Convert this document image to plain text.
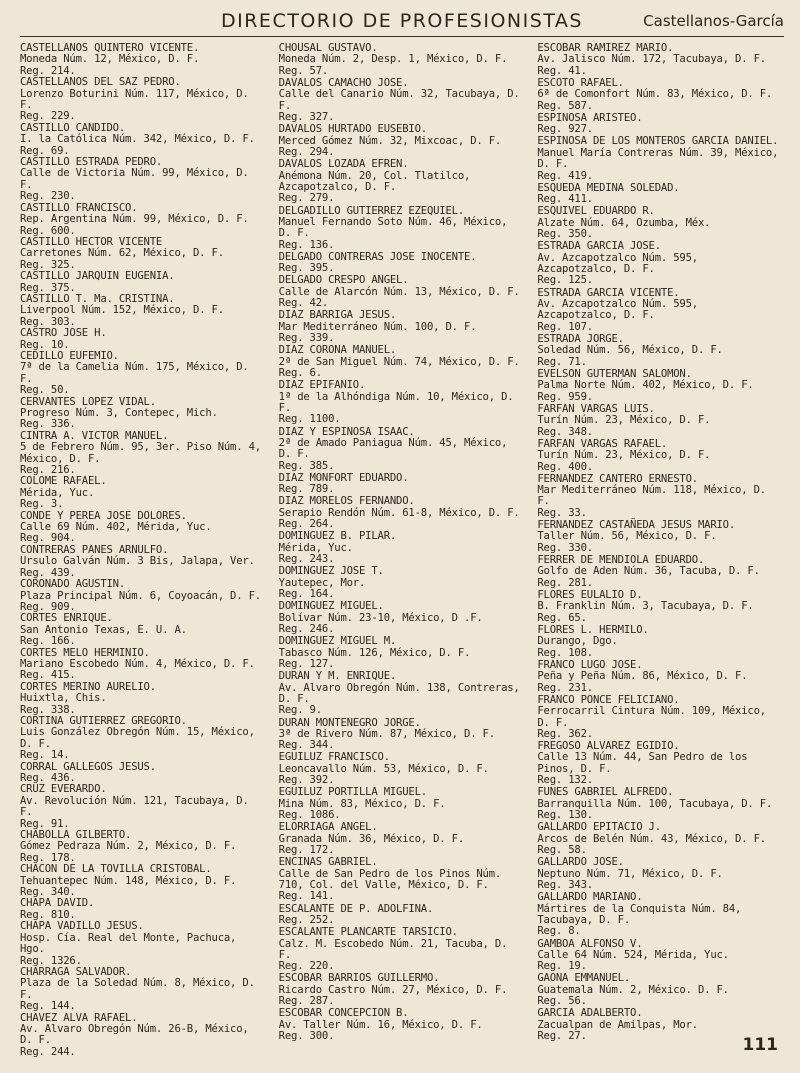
DIRECTORIO DE PROFESIONISTAS	Castellanos-García
CASTELLANOS QUINTERO VICENTE.
Moneda Núm. 12, México, D. F.
Reg. 214.
CASTELLANOS DEL SAZ PEDRO.
Lorenzo Boturini Núm. 117, México, D. F.
Reg. 229.
CASTILLO CANDIDO.
I. la Católica Núm. 342, México, D. F.
Reg. 69.
CASTILLO ESTRADA PEDRO.
Calle de Victoria Núm. 99, México, D. F.
Reg. 230.
CASTILLO FRANCISCO.
Rep. Argentina Núm. 99, México, D. F.
Reg. 600.
CASTILLO HECTOR VICENTE
Carretones Núm. 62, México, D. F.
Reg. 325.
CASTILLO JARQUIN EUGENIA.
Reg. 375.
CASTILLO T. Ma. CRISTINA.
Liverpool Núm. 152, México, D. F.
Reg. 303.
CASTRO JOSE H.
Reg. 10.
CEDILLO EUFEMIO.
7ª de la Camelia Núm. 175, México, D. F.
Reg. 50.
CERVANTES LOPEZ VIDAL.
Progreso Núm. 3, Contepec, Mich.
Reg. 336.
CINTRA A. VICTOR MANUEL.
5 de Febrero Núm. 95, 3er. Piso Núm. 4, México, D. F.
Reg. 216.
COLOME RAFAEL.
Mérida, Yuc.
Reg. 3.
CONDE Y PEREA JOSE DOLORES.
Calle 69 Núm. 402, Mérida, Yuc.
Reg. 904.
CONTRERAS PANES ARNULFO.
Ursulo Galván Núm. 3 Bis, Jalapa, Ver.
Reg. 439.
CORONADO AGUSTIN.
Plaza Principal Núm. 6, Coyoacán, D. F.
Reg. 909.
CORTES ENRIQUE.
San Antonio Texas, E. U. A.
Reg. 166.
CORTES MELO HERMINIO.
Mariano Escobedo Núm. 4, México, D. F.
Reg. 415.
CORTES MERINO AURELIO.
Huixtla, Chis.
Reg. 338.
CORTINA GUTIERREZ GREGORIO.
Luis González Obregón Núm. 15, México, D. F.
Reg. 14.
CORRAL GALLEGOS JESUS.
Reg. 436.
CRUZ EVERARDO.
Av. Revolución Núm. 121, Tacubaya, D. F.
Reg. 91.
CHABOLLA GILBERTO.
Gómez Pedraza Núm. 2, México, D. F.
Reg. 178.
CHACON DE LA TOVILLA CRISTOBAL.
Tehuantepec Núm. 148, México, D. F.
Reg. 340.
CHAPA DAVID.
Reg. 810.
CHAPA VADILLO JESUS.
Hosp. Cía. Real del Monte, Pachuca, Hgo.
Reg. 1326.
CHARRAGA SALVADOR.
Plaza de la Soledad Núm. 8, México, D. F.
Reg. 144.
CHAVEZ ALVA RAFAEL.
Av. Alvaro Obregón Núm. 26-B, México, D. F.
Reg. 244.
CHOUSAL GUSTAVO.
Moneda Núm. 2, Desp. 1, México, D. F.
Reg. 57.
DAVALOS CAMACHO JOSE.
Calle del Canario Núm. 32, Tacubaya, D. F.
Reg. 327.
DAVALOS HURTADO EUSEBIO.
Merced Gómez Núm. 32, Mixcoac, D. F.
Reg. 294.
DAVALOS LOZADA EFREN.
Anémona Núm. 20, Col. Tlatilco, Azcapotzalco, D. F.
Reg. 279.
DELGADILLO GUTIERREZ EZEQUIEL.
Manuel Fernando Soto Núm. 46, México, D. F.
Reg. 136.
DELGADO CONTRERAS JOSE INOCENTE.
Reg. 395.
DELGADO CRESPO ANGEL.
Calle de Alarcón Núm. 13, México, D. F.
Reg. 42.
DIAZ BARRIGA JESUS.
Mar Mediterráneo Núm. 100, D. F.
Reg. 339.
DIAZ CORONA MANUEL.
2ª de San Miguel Núm. 74, México, D. F.
Reg. 6.
DIAZ EPIFANIO.
1ª de la Alhóndiga Núm. 10, México, D. F.
Reg. 1100.
DIAZ Y ESPINOSA ISAAC.
2ª de Amado Paniagua Núm. 45, México, D. F.
Reg. 385.
DIAZ MONFORT EDUARDO.
Reg. 789.
DIAZ MORELOS FERNANDO.
Serapio Rendón Núm. 61-8, México, D. F.
Reg. 264.
DOMINGUEZ B. PILAR.
Mérida, Yuc.
Reg. 243.
DOMINGUEZ JOSE T.
Yautepec, Mor.
Reg. 164.
DOMINGUEZ MIGUEL.
Bolívar Núm. 23-10, México, D .F.
Reg. 246.
DOMINGUEZ MIGUEL M.
Tabasco Núm. 126, México, D. F.
Reg. 127.
DURAN Y M. ENRIQUE.
Av. Alvaro Obregón Núm. 138, Contreras, D. F.
Reg. 9.
DURAN MONTENEGRO JORGE.
3ª de Rivero Núm. 87, México, D. F.
Reg. 344.
EGUILUZ FRANCISCO.
Leoncavallo Núm. 53, México, D. F.
Reg. 392.
EGUILUZ PORTILLA MIGUEL.
Mina Núm. 83, México, D. F.
Reg. 1086.
ELORRIAGA ANGEL.
Granada Núm. 36, México, D. F.
Reg. 172.
ENCINAS GABRIEL.
Calle de San Pedro de los Pinos Núm. 710, Col. del Valle, México, D. F.
Reg. 141.
ESCALANTE DE P. ADOLFINA.
Reg. 252.
ESCALANTE PLANCARTE TARSICIO.
Calz. M. Escobedo Núm. 21, Tacuba, D. F.
Reg. 220.
ESCOBAR BARRIOS GUILLERMO.
Ricardo Castro Núm. 27, México, D. F.
Reg. 287.
ESCOBAR CONCEPCION B.
Av. Taller Núm. 16, México, D. F.
Reg. 300.
ESCOBAR RAMIREZ MARIO.
Av. Jalisco Núm. 172, Tacubaya, D. F.
Reg. 41.
ESCOTO RAFAEL.
6ª de Comonfort Núm. 83, México, D. F.
Reg. 587.
ESPINOSA ARISTEO.
Reg. 927.
ESPINOSA DE LOS MONTEROS GARCIA DANIEL.
Manuel María Contreras Núm. 39, México, D. F.
Reg. 419.
ESQUEDA MEDINA SOLEDAD.
Reg. 411.
ESQUIVEL EDUARDO R.
Alzate Núm. 64, Ozumba, Méx.
Reg. 350.
ESTRADA GARCIA JOSE.
Av. Azcapotzalco Núm. 595, Azcapotzalco, D. F.
Reg. 125.
ESTRADA GARCIA VICENTE.
Av. Azcapotzalco Núm. 595, Azcapotzalco, D. F.
Reg. 107.
ESTRADA JORGE.
Soledad Núm. 56, México, D. F.
Reg. 71.
EVELSON GUTERMAN SALOMON.
Palma Norte Núm. 402, México, D. F.
Reg. 959.
FARFAN VARGAS LUIS.
Turín Núm. 23, México, D. F.
Reg. 348.
FARFAN VARGAS RAFAEL.
Turín Núm. 23, México, D. F.
Reg. 400.
FERNANDEZ CANTERO ERNESTO.
Mar Mediterráneo Núm. 118, México, D. F.
Reg. 33.
FERNANDEZ CASTAÑEDA JESUS MARIO.
Taller Núm. 56, México, D. F.
Reg. 330.
FERRER DE MENDIOLA EDUARDO.
Golfo de Aden Núm. 36, Tacuba, D. F.
Reg. 281.
FLORES EULALIO D.
B. Franklin Núm. 3, Tacubaya, D. F.
Reg. 65.
FLORES L. HERMILO.
Durango, Dgo.
Reg. 108.
FRANCO LUGO JOSE.
Peña y Peña Núm. 86, México, D. F.
Reg. 231.
FRANCO PONCE FELICIANO.
Ferrocarril Cintura Núm. 109, México, D. F.
Reg. 362.
FREGOSO ALVAREZ EGIDIO.
Calle 13 Núm. 44, San Pedro de los Pinos, D. F.
Reg. 132.
FUNES GABRIEL ALFREDO.
Barranquilla Núm. 100, Tacubaya, D. F.
Reg. 130.
GALLARDO EPITACIO J.
Arcos de Belén Núm. 43, México, D. F.
Reg. 58.
GALLARDO JOSE.
Neptuno Núm. 71, México, D. F.
Reg. 343.
GALLARDO MARIANO.
Mártires de la Conquista Núm. 84, Tacubaya, D. F.
Reg. 8.
GAMBOA ALFONSO V.
Calle 64 Núm. 524, Mérida, Yuc.
Reg. 19.
GAONA EMMANUEL.
Guatemala Núm. 2, México. D. F.
Reg. 56.
GARCIA ADALBERTO.
Zacualpan de Amilpas, Mor.
Reg. 27.	111
